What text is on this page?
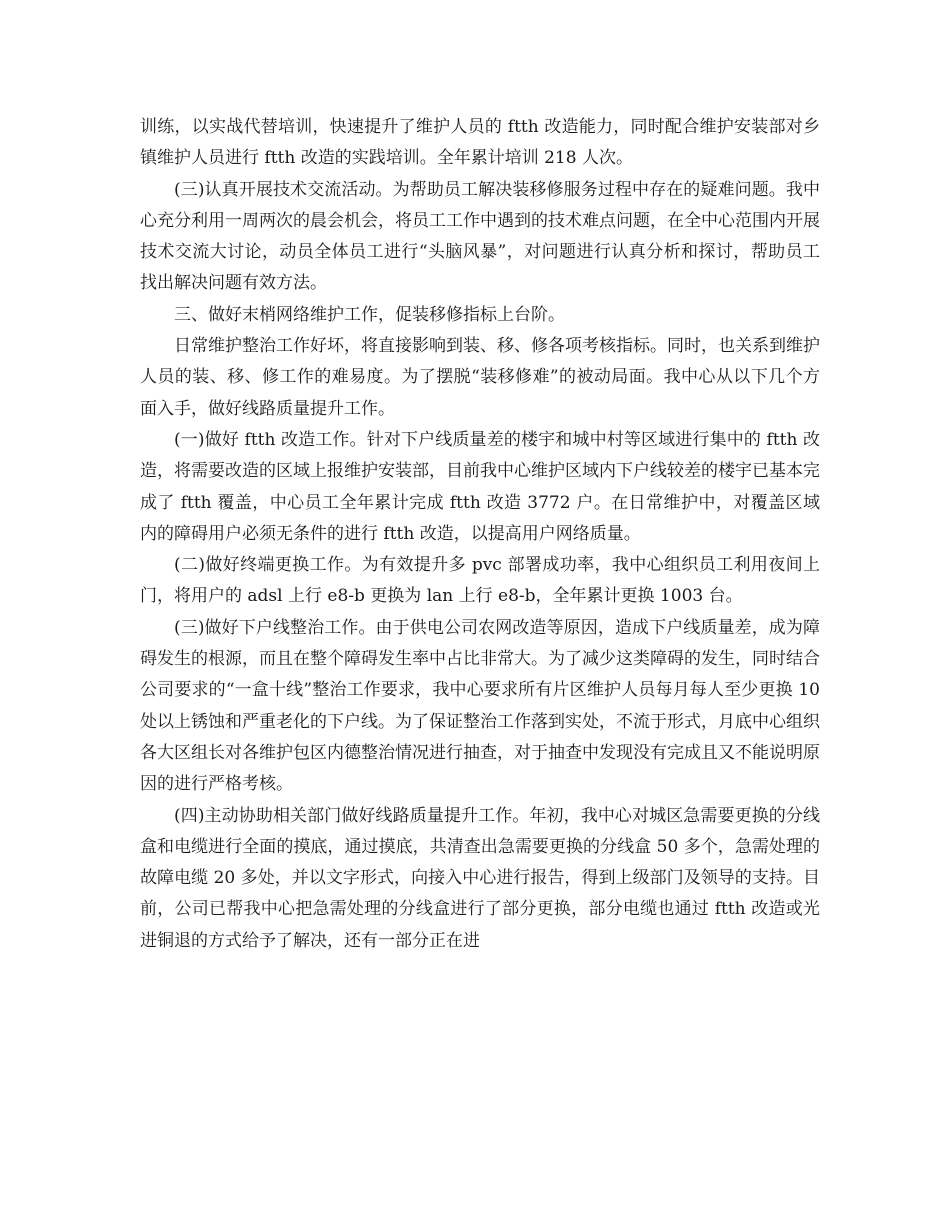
训练，以实战代替培训，快速提升了维护人员的 ftth 改造能力，同时配合维护安装部对乡镇维护人员进行 ftth 改造的实践培训。全年累计培训 218 人次。

(三)认真开展技术交流活动。为帮助员工解决装移修服务过程中存在的疑难问题。我中心充分利用一周两次的晨会机会，将员工工作中遇到的技术难点问题，在全中心范围内开展技术交流大讨论，动员全体员工进行“头脑风暴”，对问题进行认真分析和探讨，帮助员工找出解决问题有效方法。

三、做好末梢网络维护工作，促装移修指标上台阶。

日常维护整治工作好坏，将直接影响到装、移、修各项考核指标。同时，也关系到维护人员的装、移、修工作的难易度。为了摆脱“装移修难”的被动局面。我中心从以下几个方面入手，做好线路质量提升工作。

(一)做好 ftth 改造工作。针对下户线质量差的楼宇和城中村等区域进行集中的 ftth 改造，将需要改造的区域上报维护安装部，目前我中心维护区域内下户线较差的楼宇已基本完成了 ftth 覆盖，中心员工全年累计完成 ftth 改造 3772 户。在日常维护中，对覆盖区域内的障碍用户必须无条件的进行 ftth 改造，以提高用户网络质量。

(二)做好终端更换工作。为有效提升多 pvc 部署成功率，我中心组织员工利用夜间上门，将用户的 adsl 上行 e8-b 更换为 lan 上行 e8-b，全年累计更换 1003 台。

(三)做好下户线整治工作。由于供电公司农网改造等原因，造成下户线质量差，成为障碍发生的根源，而且在整个障碍发生率中占比非常大。为了减少这类障碍的发生，同时结合公司要求的“一盒十线”整治工作要求，我中心要求所有片区维护人员每月每人至少更换 10 处以上锈蚀和严重老化的下户线。为了保证整治工作落到实处，不流于形式，月底中心组织各大区组长对各维护包区内德整治情况进行抽查，对于抽查中发现没有完成且又不能说明原因的进行严格考核。

(四)主动协助相关部门做好线路质量提升工作。年初，我中心对城区急需要更换的分线盒和电缆进行全面的摸底，通过摸底，共清查出急需要更换的分线盒 50 多个，急需处理的故障电缆 20 多处，并以文字形式，向接入中心进行报告，得到上级部门及领导的支持。目前，公司已帮我中心把急需处理的分线盒进行了部分更换，部分电缆也通过 ftth 改造或光进铜退的方式给予了解决，还有一部分正在进
